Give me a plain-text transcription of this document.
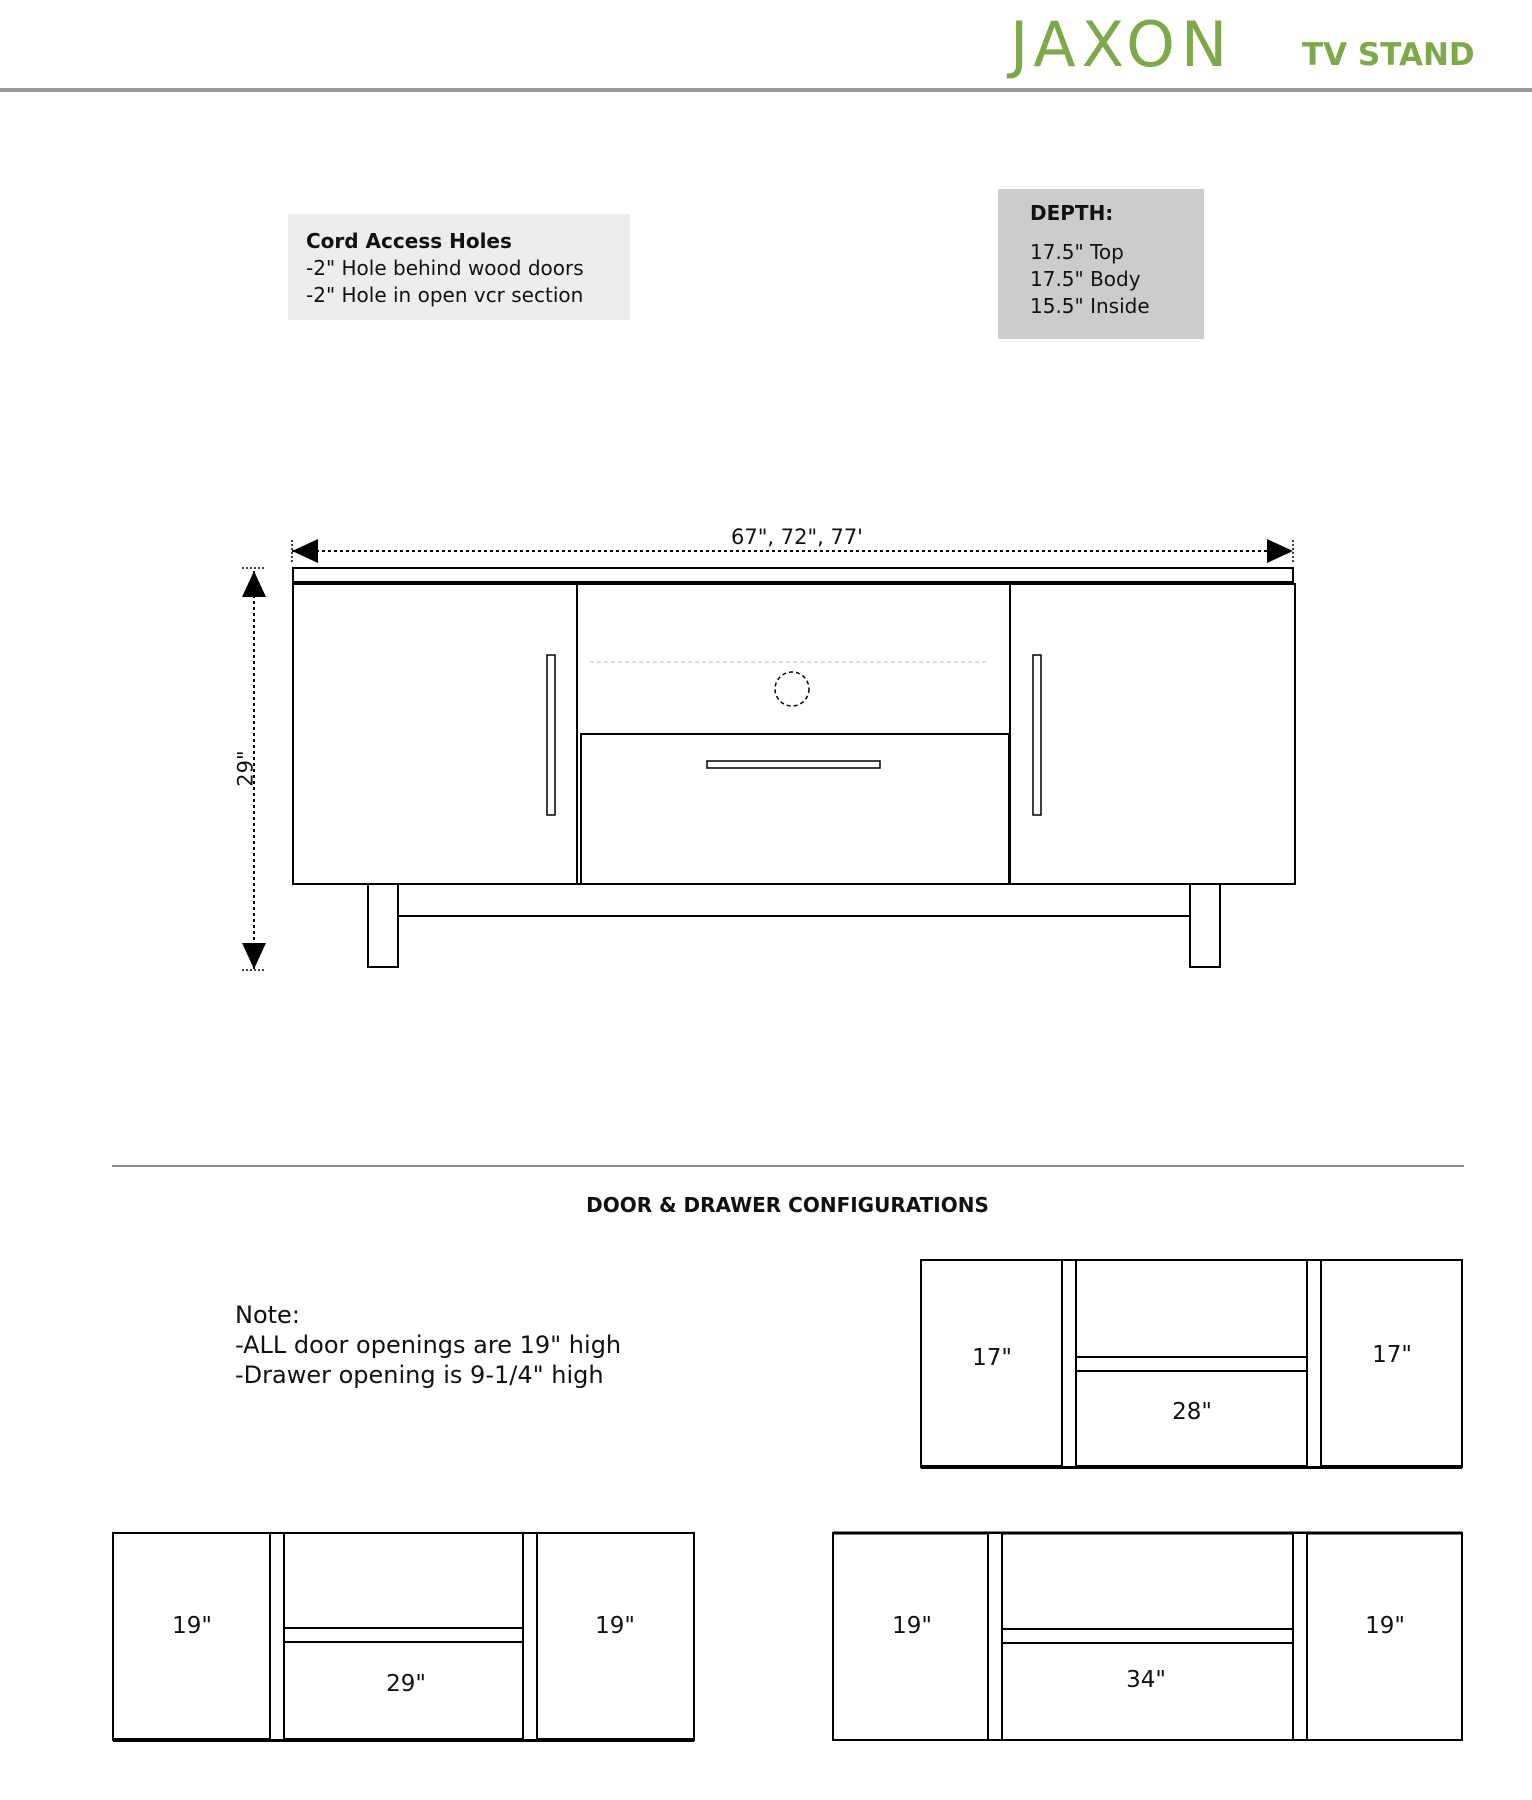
JAXON TV STAND
Cord Access Holes
-2" Hole behind wood doors
-2" Hole in open vcr section
DEPTH:
17.5" Top
17.5" Body
15.5" Inside
67", 72", 77'
29"
DOOR & DRAWER CONFIGURATIONS
Note:
-ALL door openings are 19" high
-Drawer opening is 9-1/4" high
17"	17"
28"
19"	19"
29"
19"	19"
34"
